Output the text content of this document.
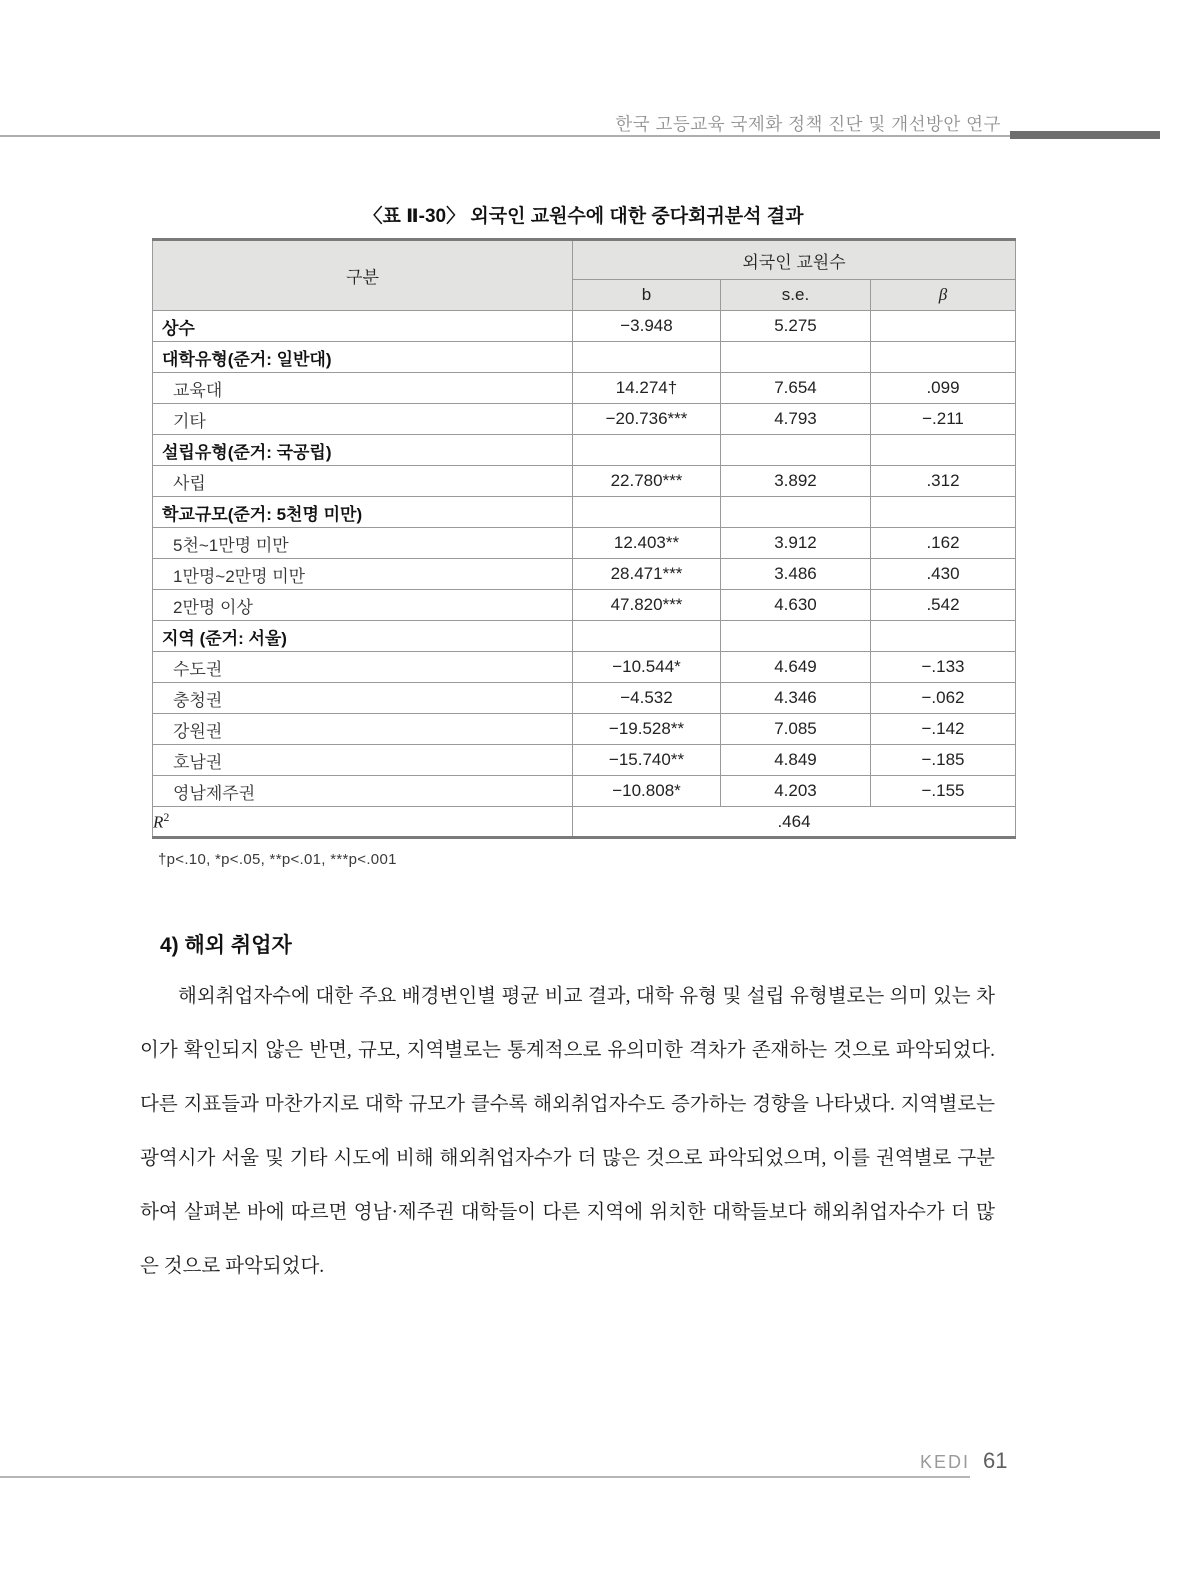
한국 고등교육 국제화 정책 진단 및 개선방안 연구
〈표 Ⅱ-30〉 외국인 교원수에 대한 중다회귀분석 결과
구분	외국인 교원수		
	b	s.e.	β
상수	−3.948	5.275	
대학유형(준거: 일반대)			
교육대	14.274†	7.654	.099
기타	−20.736***	4.793	−.211
설립유형(준거: 국공립)			
사립	22.780***	3.892	.312
학교규모(준거: 5천명 미만)			
5천~1만명 미만	12.403**	3.912	.162
1만명~2만명 미만	28.471***	3.486	.430
2만명 이상	47.820***	4.630	.542
지역 (준거: 서울)			
수도권	−10.544*	4.649	−.133
충청권	−4.532	4.346	−.062
강원권	−19.528**	7.085	−.142
호남권	−15.740**	4.849	−.185
영남제주권	−10.808*	4.203	−.155
$R^2$	.464		
†p<.10, *p<.05, **p<.01, ***p<.001
4) 해외 취업자
해외취업자수에 대한 주요 배경변인별 평균 비교 결과, 대학 유형 및 설립 유형별로는 의미 있는 차이가 확인되지 않은 반면, 규모, 지역별로는 통계적으로 유의미한 격차가 존재하는 것으로 파악되었다. 다른 지표들과 마찬가지로 대학 규모가 클수록 해외취업자수도 증가하는 경향을 나타냈다. 지역별로는 광역시가 서울 및 기타 시도에 비해 해외취업자수가 더 많은 것으로 파악되었으며, 이를 권역별로 구분하여 살펴본 바에 따르면 영남·제주권 대학들이 다른 지역에 위치한 대학들보다 해외취업자수가 더 많은 것으로 파악되었다.
KEDI 61
